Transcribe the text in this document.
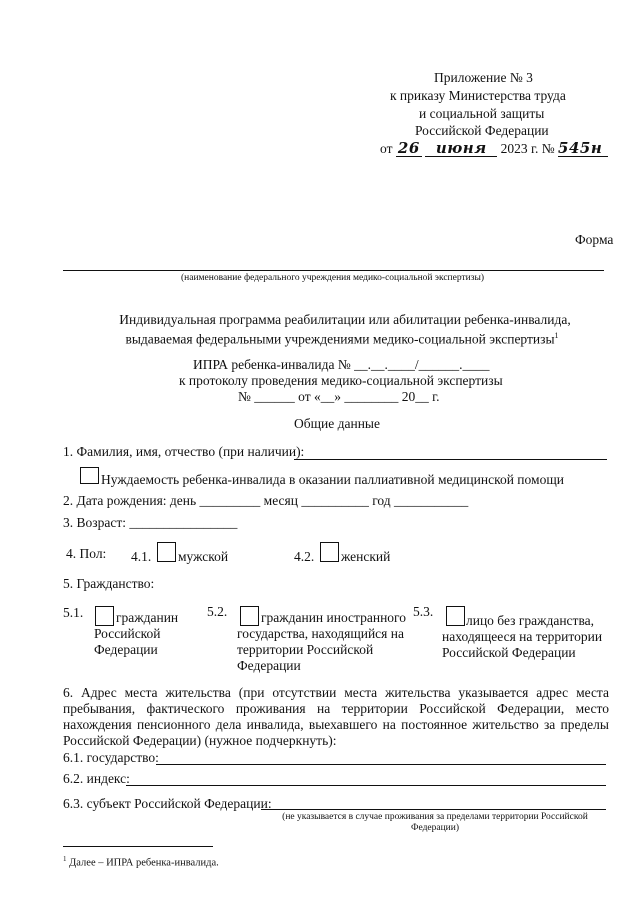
Приложение № 3
к приказу Министерства труда
и социальной защиты
Российской Федерации
от 26 июня 2023 г. № 545н
Форма
(наименование федерального учреждения медико-социальной экспертизы)
Индивидуальная программа реабилитации или абилитации ребенка-инвалида,
выдаваемая федеральными учреждениями медико-социальной экспертизы$^1$
ИПРА ребенка-инвалида № __.__.____/______.____
к протоколу проведения медико-социальной экспертизы
№ ______ от «__» ________ 20__ г.
Общие данные
1. Фамилия, имя, отчество (при наличии):
Нуждаемость ребенка-инвалида в оказании паллиативной медицинской помощи
2. Дата рождения: день _________ месяц __________ год ___________
3. Возраст: ________________
4. Пол: 4.1. мужской	4.2. женский
5. Гражданство:
5.1.	гражданин Российской Федерации
5.2.	гражданин иностранного государства, находящийся на территории Российской Федерации
5.3.
лицо без гражданства, находящееся на территории Российской Федерации
6. Адрес места жительства (при отсутствии места жительства указывается адрес места пребывания, фактического проживания на территории Российской Федерации, место нахождения пенсионного дела инвалида, выехавшего на постоянное жительство за пределы Российской Федерации) (нужное подчеркнуть):
6.1. государство:
6.2. индекс:
6.3. субъект Российской Федерации:
(не указывается в случае проживания за пределами территории Российской Федерации)
$^1$ Далее – ИПРА ребенка-инвалида.
